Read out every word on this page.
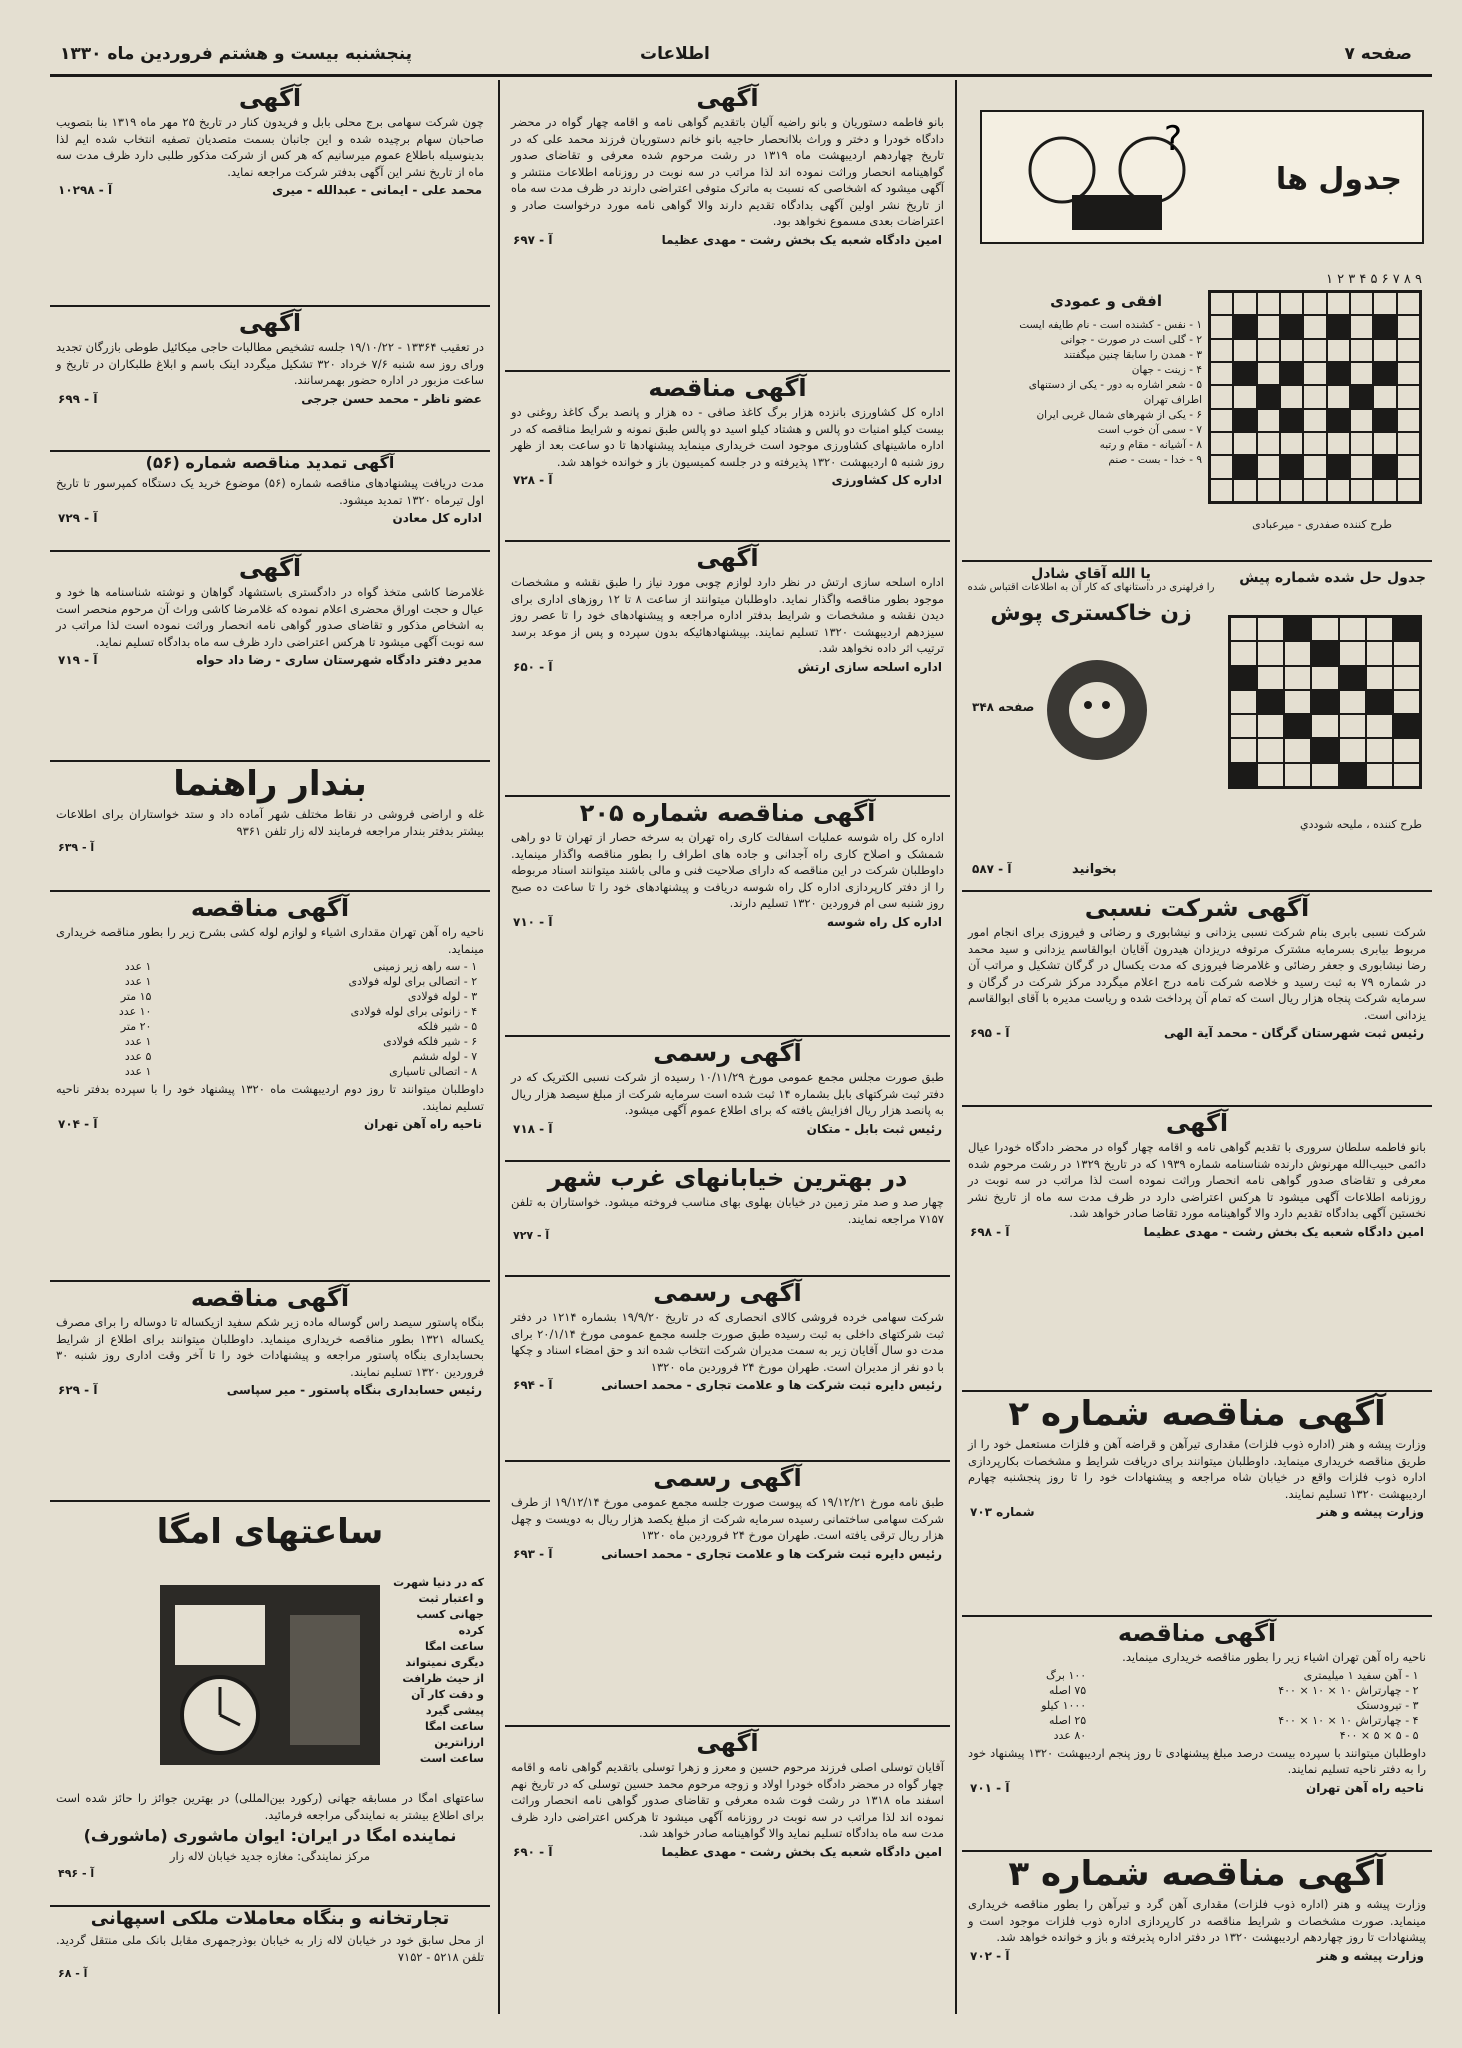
صفحه ۷
اطلاعات
پنجشنبه بیست و هشتم فروردین ماه ۱۳۳۰
جدول ها
?
۹ ۸ ۷ ۶ ۵ ۴ ۳ ۲ ۱
افقی و عمودی
۱ - نفس - کشنده است - نام طایفه ایست
۲ - گلی است در صورت - جوانی
۳ - همدن را سابقا چنین میگفتند
۴ - زینت - جهان
۵ - شعر اشاره به دور - یکی از دستنهای اطراف تهران
۶ - یکی از شهرهای شمال غربی ایران
۷ - سمی آن خوب است
۸ - آشیانه - مقام و رتبه
۹ - خدا - بست - صنم
طرح کننده صفدری - میرعبادی
جدول حل شده شماره پیش
طرح کننده ، مليحه شوددي
یا الله آقای شادل
را فرلهنری در داستانهای که کار آن به اطلاعات اقتباس شده
زن خاکستری پوش
صفحه ۳۴۸
بخوانید
آ - ۵۸۷
آگهی شرکت نسبی

شرکت نسبی بابری بنام شرکت نسبی یزدانی و نیشابوری و رضائی و فیروزی برای انجام امور مربوط بیابری بسرمایه مشترک مرتوفه دریزدان هیدرون آقایان ابوالقاسم یزدانی و سید محمد رضا نیشابوری و جعفر رضائی و غلامرضا فیروزی که مدت یکسال در گرگان تشکیل و مراتب آن در شماره ۷۹ به ثبت رسید و خلاصه شرکت نامه درج اعلام میگردد مرکز شرکت در گرگان و سرمایه شرکت پنجاه هزار ریال است که تمام آن پرداخت شده و ریاست مدیره با آقای ابوالقاسم یزدانی است.

رئیس ثبت شهرستان گرگان - محمد آیة الهی
آ - ۶۹۵
آگهی

بانو فاطمه سلطان سروری با تقدیم گواهی نامه و اقامه چهار گواه در محضر دادگاه خودرا عیال دائمی حبیب‌الله مهرنوش دارنده شناسنامه شماره ۱۹۳۹ که در تاریخ ۱۳۲۹ در رشت مرحوم شده معرفی و تقاضای صدور گواهی نامه انحصار وراثت نموده است لذا مراتب در سه نوبت در روزنامه اطلاعات آگهی میشود تا هرکس اعتراضی دارد در ظرف مدت سه ماه از تاریخ نشر نخستین آگهی بدادگاه تقدیم دارد والا گواهینامه مورد تقاضا صادر خواهد شد.

امین دادگاه شعبه یک بخش رشت - مهدی عظیما
آ - ۶۹۸
آگهی مناقصه شماره ۲

وزارت پیشه و هنر (اداره ذوب فلزات) مقداری تیرآهن و قراضه آهن و فلزات مستعمل خود را از طریق مناقصه خریداری مینماید. داوطلبان میتوانند برای دریافت شرایط و مشخصات بکارپردازی اداره ذوب فلزات واقع در خیابان شاه مراجعه و پیشنهادات خود را تا روز پنجشنبه چهارم اردیبهشت ۱۳۲۰ تسلیم نمایند.

وزارت پیشه و هنر
شماره ۷۰۳
آگهی مناقصه

ناحیه راه آهن تهران اشیاء زیر را بطور مناقصه خریداری مینماید.

۱ - آهن سفید ۱ میلیمتری	۱۰۰ برگ
۲ - چهارتراش ۱۰ × ۱۰ × ۴۰۰	۷۵ اصله
۳ - تیرودستک	۱۰۰۰ کیلو
۴ - چهارتراش ۱۰ × ۱۰ × ۴۰۰	۲۵ اصله
۵ - ۵ × ۵ × ۴۰۰	۸۰ عدد

داوطلبان میتوانند با سپرده بیست درصد مبلغ پیشنهادی تا روز پنجم اردیبهشت ۱۳۲۰ پیشنهاد خود را به دفتر ناحیه تسلیم نمایند.

ناحیه راه آهن تهران
آ - ۷۰۱
آگهی مناقصه شماره ۳

وزارت پیشه و هنر (اداره ذوب فلزات) مقداری آهن گرد و تیرآهن را بطور مناقصه خریداری مینماید. صورت مشخصات و شرایط مناقصه در کارپردازی اداره ذوب فلزات موجود است و پیشنهادات تا روز چهاردهم اردیبهشت ۱۳۲۰ در دفتر اداره پذیرفته و باز و خوانده خواهد شد.

وزارت پیشه و هنر
آ - ۷۰۲
آگهی

بانو فاطمه دستوریان و بانو راضیه آلیان باتقدیم گواهی نامه و اقامه چهار گواه در محضر دادگاه خودرا و دختر و وراث بلاانحصار حاجیه بانو خانم دستوریان فرزند محمد علی که در تاریخ چهاردهم اردیبهشت ماه ۱۳۱۹ در رشت مرحوم شده معرفی و تقاضای صدور گواهینامه انحصار وراثت نموده اند لذا مراتب در سه نوبت در روزنامه اطلاعات منتشر و آگهی میشود که اشخاصی که نسبت به ماترک متوفی اعتراضی دارند در ظرف مدت سه ماه از تاریخ نشر اولین آگهی بدادگاه تقدیم دارند والا گواهی نامه مورد درخواست صادر و اعتراضات بعدی مسموع نخواهد بود.

امین دادگاه شعبه یک بخش رشت - مهدی عظیما
آ - ۶۹۷
آگهی مناقصه

اداره کل کشاورزی بانزده هزار برگ کاغذ صافی - ده هزار و پانصد برگ کاغذ روغنی دو بیست کیلو امنیات دو پالس و هشتاد کیلو اسید دو پالس طبق نمونه و شرایط مناقصه که در اداره ماشینهای کشاورزی موجود است خریداری مینماید پیشنهادها تا دو ساعت بعد از ظهر روز شنبه ۵ اردیبهشت ۱۳۲۰ پذیرفته و در جلسه کمیسیون باز و خوانده خواهد شد.

اداره کل کشاورزی
آ - ۷۲۸
آگهی

اداره اسلحه سازی ارتش در نظر دارد لوازم چوبی مورد نیاز را طبق نقشه و مشخصات موجود بطور مناقصه واگذار نماید. داوطلبان میتوانند از ساعت ۸ تا ۱۲ روزهای اداری برای دیدن نقشه و مشخصات و شرایط بدفتر اداره مراجعه و پیشنهادهای خود را تا عصر روز سیزدهم اردیبهشت ۱۳۲۰ تسلیم نمایند. بپیشنهادهائیکه بدون سپرده و پس از موعد برسد ترتیب اثر داده نخواهد شد.

اداره اسلحه سازی ارتش
آ - ۶۵۰
آگهی مناقصه شماره ۲۰۵

اداره کل راه شوسه عملیات اسفالت کاری راه تهران به سرخه حصار از تهران تا دو راهی شمشک و اصلاح کاری راه آجدانی و جاده های اطراف را بطور مناقصه واگذار مینماید. داوطلبان شرکت در این مناقصه که دارای صلاحیت فنی و مالی باشند میتوانند اسناد مربوطه را از دفتر کارپردازی اداره کل راه شوسه دریافت و پیشنهادهای خود را تا ساعت ده صبح روز شنبه سی ام فروردین ۱۳۲۰ تسلیم دارند.

اداره کل راه شوسه
آ - ۷۱۰
آگهی رسمی

طبق صورت مجلس مجمع عمومی مورخ ۱۰/۱۱/۲۹ رسیده از شرکت نسبی الکتریک که در دفتر ثبت شرکتهای بابل بشماره ۱۴ ثبت شده است سرمایه شرکت از مبلغ سیصد هزار ریال به پانصد هزار ریال افزایش یافته که برای اطلاع عموم آگهی میشود.

رئیس ثبت بابل - متکان
آ - ۷۱۸
در بهترین خیابانهای غرب شهر

چهار صد و صد متر زمین در خیابان بهلوی بهای مناسب فروخته میشود. خواستاران به تلفن ۷۱۵۷ مراجعه نمایند.

آ - ۷۲۷
آگهی رسمی

شرکت سهامی خرده فروشی کالای انحصاری که در تاریخ ۱۹/۹/۲۰ بشماره ۱۲۱۴ در دفتر ثبت شرکتهای داخلی به ثبت رسیده طبق صورت جلسه مجمع عمومی مورخ ۲۰/۱/۱۴ برای مدت دو سال آقایان زیر به سمت مدیران شرکت انتخاب شده اند و حق امضاء اسناد و چکها با دو نفر از مدیران است. طهران مورخ ۲۴ فروردین ماه ۱۳۲۰

رئیس دایره ثبت شرکت ها و علامت تجاری - محمد احسانی
آ - ۶۹۴
آگهی رسمی

طبق نامه مورخ ۱۹/۱۲/۲۱ که پیوست صورت جلسه مجمع عمومی مورخ ۱۹/۱۲/۱۴ از طرف شرکت سهامی ساختمانی رسیده سرمایه شرکت از مبلغ یکصد هزار ریال به دویست و چهل هزار ریال ترقی یافته است. طهران مورخ ۲۴ فروردین ماه ۱۳۲۰

رئیس دایره ثبت شرکت ها و علامت تجاری - محمد احسانی
آ - ۶۹۳
آگهی

آقایان توسلی اصلی فرزند مرحوم حسین و معرز و زهرا توسلی باتقدیم گواهی نامه و اقامه چهار گواه در محضر دادگاه خودرا اولاد و زوجه مرحوم محمد حسین توسلی که در تاریخ نهم اسفند ماه ۱۳۱۸ در رشت فوت شده معرفی و تقاضای صدور گواهی نامه انحصار وراثت نموده اند لذا مراتب در سه نوبت در روزنامه آگهی میشود تا هرکس اعتراضی دارد ظرف مدت سه ماه بدادگاه تسلیم نماید والا گواهینامه صادر خواهد شد.

امین دادگاه شعبه یک بخش رشت - مهدی عظیما
آ - ۶۹۰
آگهی

چون شرکت سهامی برج محلی بابل و فریدون کنار در تاریخ ۲۵ مهر ماه ۱۳۱۹ بنا بتصویب صاحبان سهام برچیده شده و این جانبان بسمت متصدیان تصفیه انتخاب شده ایم لذا بدینوسیله باطلاع عموم میرسانیم که هر کس از شرکت مذکور طلبی دارد ظرف مدت سه ماه از تاریخ نشر این آگهی بدفتر شرکت مراجعه نماید.

محمد علی - ایمانی - عبدالله - میری
آ - ۱۰۲۹۸
آگهی

در تعقیب ۱۳۳۶۴ - ۱۹/۱۰/۲۲ جلسه تشخیص مطالبات حاجی میکائیل طوطی بازرگان تجدید ورای روز سه شنبه ۷/۶ خرداد ۳۲۰ تشکیل میگردد اینک باسم و ابلاغ طلبکاران در تاریخ و ساعت مزبور در اداره حضور بهمرسانند.

عضو ناظر - محمد حسن جرجی
آ - ۶۹۹
آگهی تمدید مناقصه شماره (۵۶)

مدت دریافت پیشنهادهای مناقصه شماره (۵۶) موضوع خرید یک دستگاه کمپرسور تا تاریخ اول تیرماه ۱۳۲۰ تمدید میشود.

اداره کل معادن
آ - ۷۲۹
آگهی

غلامرضا کاشی متخذ گواه در دادگستری باستشهاد گواهان و نوشته شناسنامه ها خود و عیال و حجت اوراق محضری اعلام نموده که غلامرضا کاشی وراث آن مرحوم منحصر است به اشخاص مذکور و تقاضای صدور گواهی نامه انحصار وراثت نموده است لذا مراتب در سه نوبت آگهی میشود تا هرکس اعتراضی دارد ظرف سه ماه بدادگاه تسلیم نماید.

مدیر دفتر دادگاه شهرستان ساری - رضا داد حواه
آ - ۷۱۹
بندار راهنما

غله و اراضی فروشی در نقاط مختلف شهر آماده داد و ستد خواستاران برای اطلاعات بیشتر بدفتر بندار مراجعه فرمایند لاله زار تلفن ۹۳۶۱

آ - ۶۳۹
آگهی مناقصه

ناحیه راه آهن تهران مقداری اشیاء و لوازم لوله کشی بشرح زیر را بطور مناقصه خریداری مینماید.

۱ - سه راهه زیر زمینی	۱ عدد
۲ - اتصالی برای لوله فولادی	۱ عدد
۳ - لوله فولادی	۱۵ متر
۴ - زانوئی برای لوله فولادی	۱۰ عدد
۵ - شیر فلکه	۲۰ متر
۶ - شیر فلکه فولادی	۱ عدد
۷ - لوله ششم	۵ عدد
۸ - اتصالی تاسیاری	۱ عدد

داوطلبان میتوانند تا روز دوم اردیبهشت ماه ۱۳۲۰ پیشنهاد خود را با سپرده بدفتر ناحیه تسلیم نمایند.

ناحیه راه آهن تهران
آ - ۷۰۴
آگهی مناقصه

بنگاه پاستور سیصد راس گوساله ماده زیر شکم سفید ازیکساله تا دوساله را برای مصرف یکساله ۱۳۲۱ بطور مناقصه خریداری مینماید. داوطلبان میتوانند برای اطلاع از شرایط بحسابداری بنگاه پاستور مراجعه و پیشنهادات خود را تا آخر وقت اداری روز شنبه ۳۰ فروردین ۱۳۲۰ تسلیم نمایند.

رئیس حسابداری بنگاه پاستور - میر سپاسی
آ - ۶۲۹
ساعتهای امگا
که در دنیا شهرت
و اعتبار ثبت
جهانی کسب کرده
ساعت امگا
دیگری نمیتواند
از حیث ظرافت
و دقت کار آن
پیشی گیرد
ساعت امگا
ارزانترین
ساعت است

ساعتهای امگا در مسابقه جهانی (رکورد بین‌المللی) در بهترین جوائز را حائز شده است برای اطلاع بیشتر به نمایندگی مراجعه فرمائید.

نماینده امگا در ایران: ایوان ماشوری (ماشورف)

مرکز نمایندگی: مغازه جدید خیابان لاله زار

آ - ۴۹۶
تجارتخانه و بنگاه معاملات ملکی اسپهانی

از محل سابق خود در خیابان لاله زار به خیابان بوذرجمهری مقابل بانک ملی منتقل گردید. تلفن ۵۲۱۸ - ۷۱۵۲

آ - ۶۸
